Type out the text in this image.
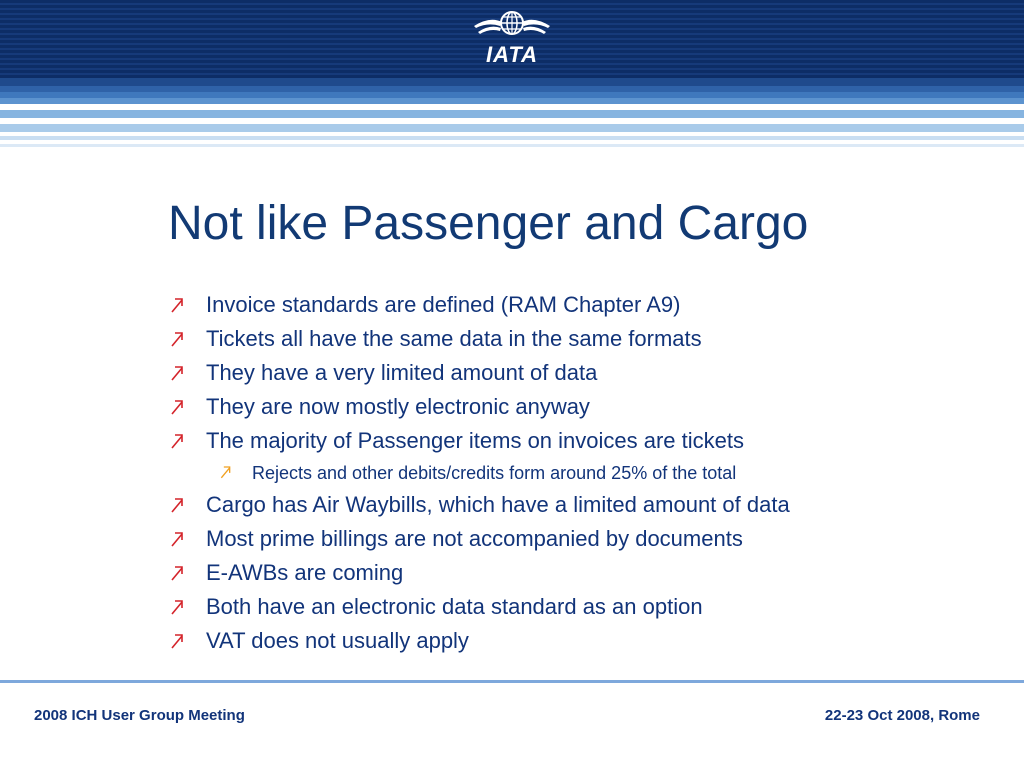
IATA
Not like Passenger and Cargo
Invoice standards are defined (RAM Chapter A9)
Tickets all have the same data in the same formats
They have a very limited amount of data
They are now mostly electronic anyway
The majority of Passenger items on invoices are tickets
Rejects and other debits/credits form around 25% of the total
Cargo has Air Waybills, which have a limited amount of data
Most prime billings are not accompanied by documents
E-AWBs are coming
Both have an electronic data standard as an option
VAT does not usually apply
2008 ICH User Group Meeting	22-23 Oct 2008, Rome
